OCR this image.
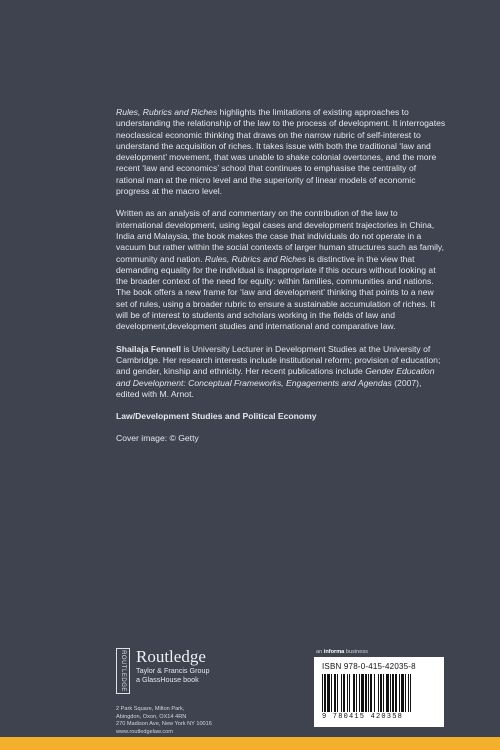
Rules, Rubrics and Riches highlights the limitations of existing approaches to understanding the relationship of the law to the process of development. It interrogates neoclassical economic thinking that draws on the narrow rubric of self-interest to understand the acquisition of riches. It takes issue with both the traditional ‘law and development’ movement, that was unable to shake colonial overtones, and the more recent ‘law and economics’ school that continues to emphasise the centrality of rational man at the micro level and the superiority of linear models of economic progress at the macro level.

Written as an analysis of and commentary on the contribution of the law to international development, using legal cases and development trajectories in China, India and Malaysia, the book makes the case that individuals do not operate in a vacuum but rather within the social contexts of larger human structures such as family, community and nation. Rules, Rubrics and Riches is distinctive in the view that demanding equality for the individual is inappropriate if this occurs without looking at the broader context of the need for equity: within families, communities and nations. The book offers a new frame for ‘law and development’ thinking that points to a new set of rules, using a broader rubric to ensure a sustainable accumulation of riches. It will be of interest to students and scholars working in the fields of law and development,development studies and international and comparative law.

Shailaja Fennell is University Lecturer in Development Studies at the University of Cambridge. Her research interests include institutional reform; provision of education; and gender, kinship and ethnicity. Her recent publications include Gender Education and Development: Conceptual Frameworks, Engagements and Agendas (2007), edited with M. Arnot.

Law/Development Studies and Political Economy

Cover image: © Getty

ROUTLEDGE Routledge
Taylor & Francis Group
a GlassHouse book
2 Park Square, Milton Park,
Abingdon, Oxon, OX14 4RN
270 Madison Ave, New York NY 10016
www.routledgelaw.com
an informa business
ISBN 978-0-415-42035-8
9 780415 420358
